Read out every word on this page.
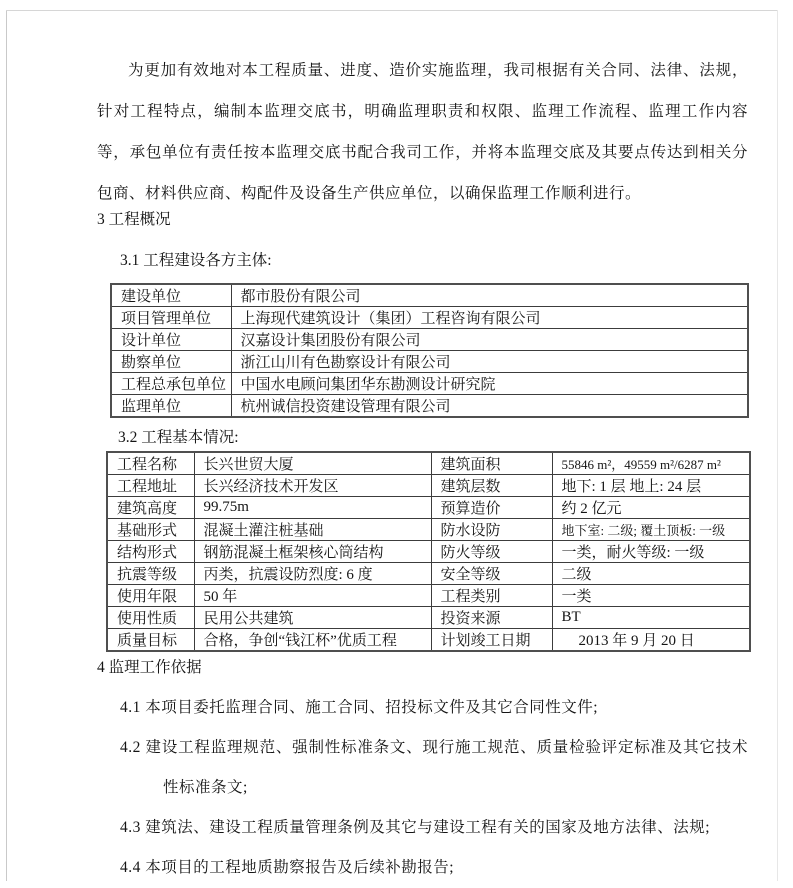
为更加有效地对本工程质量、进度、造价实施监理，我司根据有关合同、法律、法规，针对工程特点，编制本监理交底书，明确监理职责和权限、监理工作流程、监理工作内容等，承包单位有责任按本监理交底书配合我司工作，并将本监理交底及其要点传达到相关分包商、材料供应商、构配件及设备生产供应单位，以确保监理工作顺利进行。

3 工程概况
3.1 工程建设各方主体:
建设单位	都市股份有限公司
项目管理单位	上海现代建筑设计（集团）工程咨询有限公司
设计单位	汉嘉设计集团股份有限公司
勘察单位	浙江山川有色勘察设计有限公司
工程总承包单位	中国水电顾问集团华东勘测设计研究院
监理单位	杭州诚信投资建设管理有限公司
3.2 工程基本情况:
工程名称	长兴世贸大厦	建筑面积	55846 m²，49559 m²/6287 m²
工程地址	长兴经济技术开发区	建筑层数	地下: 1 层 地上: 24 层
建筑高度	99.75m	预算造价	约 2 亿元
基础形式	混凝土灌注桩基础	防水设防	地下室: 二级; 覆土顶板: 一级
结构形式	钢筋混凝土框架核心筒结构	防火等级	一类，耐火等级: 一级
抗震等级	丙类，抗震设防烈度: 6 度	安全等级	二级
使用年限	50 年	工程类别	一类
使用性质	民用公共建筑	投资来源	BT
质量目标	合格，争创“钱江杯”优质工程	计划竣工日期	2013 年 9 月 20 日
4 监理工作依据
4.1 本项目委托监理合同、施工合同、招投标文件及其它合同性文件;
4.2 建设工程监理规范、强制性标准条文、现行施工规范、质量检验评定标准及其它技术性标准条文;
4.3 建筑法、建设工程质量管理条例及其它与建设工程有关的国家及地方法律、法规;
4.4 本项目的工程地质勘察报告及后续补勘报告;
